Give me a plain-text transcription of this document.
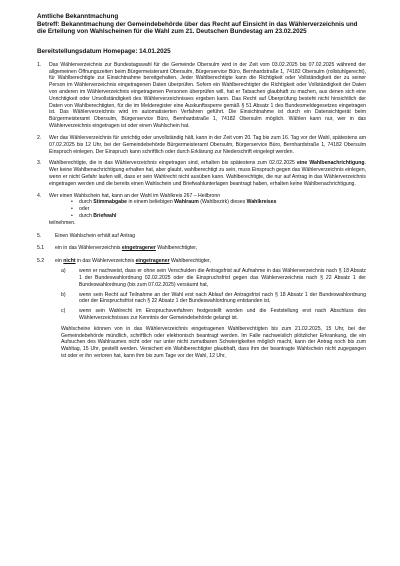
Amtliche Bekanntmachung
Betreff: Bekanntmachung der Gemeindebehörde über das Recht auf Einsicht in das Wählerverzeichnis und die Erteilung von Wahlscheinen für die Wahl zum 21. Deutschen Bundestag am 23.02.2025
Bereitstellungsdatum Homepage: 14.01.2025
1. Das Wählerverzeichnis zur Bundestagswahl für die Gemeinde Obersulm wird in der Zeit vom 03.02.2025 bis 07.02.2025 während der allgemeinen Öffnungszeiten beim Bürgermeisteramt Obersulm, Bürgerservice Büro, Bernhardstraße 1, 74182 Obersulm (rollstuhlgerecht), für Wahlberechtigte zur Einsichtnahme bereitgehalten. Jeder Wahlberechtigte kann die Richtigkeit oder Vollständigkeit der zu seiner Person im Wählerverzeichnis eingetragenen Daten überprüfen. Sofern ein Wahlberechtigter die Richtigkeit oder Vollständigkeit der Daten von anderen im Wählerverzeichnis eingetragenen Personen überprüfen will, hat er Tatsachen glaubhaft zu machen, aus denen sich eine Unrichtigkeit oder Unvollständigkeit des Wählerverzeichnisses ergeben kann. Das Recht auf Überprüfung besteht nicht hinsichtlich der Daten von Wahlberechtigten, für die im Melderegister eine Auskunftssperre gemäß § 51 Absatz 1 des Bundesmeldegesetzes eingetragen ist. Das Wählerverzeichnis wird im automatisierten Verfahren geführt. Die Einsichtnahme ist durch ein Datensichtgerät beim Bürgermeisteramt Obersulm, Bürgerservice Büro, Bernhardstraße 1, 74182 Obersulm möglich. Wählen kann nur, wer in das Wählerverzeichnis eingetragen ist oder einen Wahlschein hat.
2. Wer das Wählerverzeichnis für unrichtig oder unvollständig hält, kann in der Zeit vom 20. Tag bis zum 16. Tag vor der Wahl, spätestens am 07.02.2025 bis 12 Uhr, bei der Gemeindebehörde Bürgermeisteramt Obersulm, Bürgerservice Büro, Bernhardstraße 1, 74182 Obersulm Einspruch einlegen. Der Einspruch kann schriftlich oder durch Erklärung zur Niederschrift eingelegt werden.
3. Wahlberechtigte, die in das Wählerverzeichnis eingetragen sind, erhalten bis spätestens zum 02.02.2025 eine Wahlbenachrichtigung. Wer keine Wahlbenachrichtigung erhalten hat, aber glaubt, wahlberechtigt zu sein, muss Einspruch gegen das Wählerverzeichnis einlegen, wenn er nicht Gefahr laufen will, dass er sein Wahlrecht nicht ausüben kann. Wahlberechtigte, die nur auf Antrag in das Wählerverzeichnis eingetragen werden und die bereits einen Wahlschein und Briefwahlunterlagen beantragt haben, erhalten keine Wahlbenachrichtigung.
4. Wer einen Wahlschein hat, kann an der Wahl im Wahlkreis 267 – Heilbronn
• durch Stimmabgabe in einem beliebigen Wahlraum (Wahlbezirk) dieses Wahlkreises
• oder
• durch Briefwahl
teilnehmen.
5.	Einen Wahlschein erhält auf Antrag
5.1 ein in das Wählerverzeichnis eingetragener Wahlberechtigter,
5.2 ein nicht in das Wählerverzeichnis eingetragener Wahlberechtigter,
a)	wenn er nachweist, dass er ohne sein Verschulden die Antragsfrist auf Aufnahme in das Wählerverzeichnis nach § 18 Absatz 1 der Bundeswahlordnung 02.02.2025 oder die Einspruchsfrist gegen das Wählerverzeichnis nach § 22 Absatz 1 der Bundeswahlordnung (bis zum 07.02.2025) versäumt hat,
b)	wenn sein Recht auf Teilnahme an der Wahl erst nach Ablauf der Antragsfrist nach § 18 Absatz 1 der Bundeswahlordnung oder der Einspruchsfrist nach § 22 Absatz 1 der Bundeswahlordnung entstanden ist,
c)	wenn sein Wahlrecht im Einspruchsverfahren festgestellt worden und die Feststellung erst nach Abschluss des Wählerverzeichnisses zur Kenntnis der Gemeindebehörde gelangt ist.
Wahlscheine können von in das Wählerverzeichnis eingetragenen Wahlberechtigten bis zum 21.02.2025, 15 Uhr, bei der Gemeindebehörde mündlich, schriftlich oder elektronisch beantragt werden. Im Falle nachweislich plötzlicher Erkrankung, die ein Aufsuchen des Wahlraumes nicht oder nur unter nicht zumutbaren Schwierigkeiten möglich macht, kann der Antrag noch bis zum Wahltag, 15 Uhr, gestellt werden. Versichert ein Wahlberechtigter glaubhaft, dass ihm der beantragte Wahlschein nicht zugegangen ist oder er ihn verloren hat, kann ihm bis zum Tage vor der Wahl, 12 Uhr,
